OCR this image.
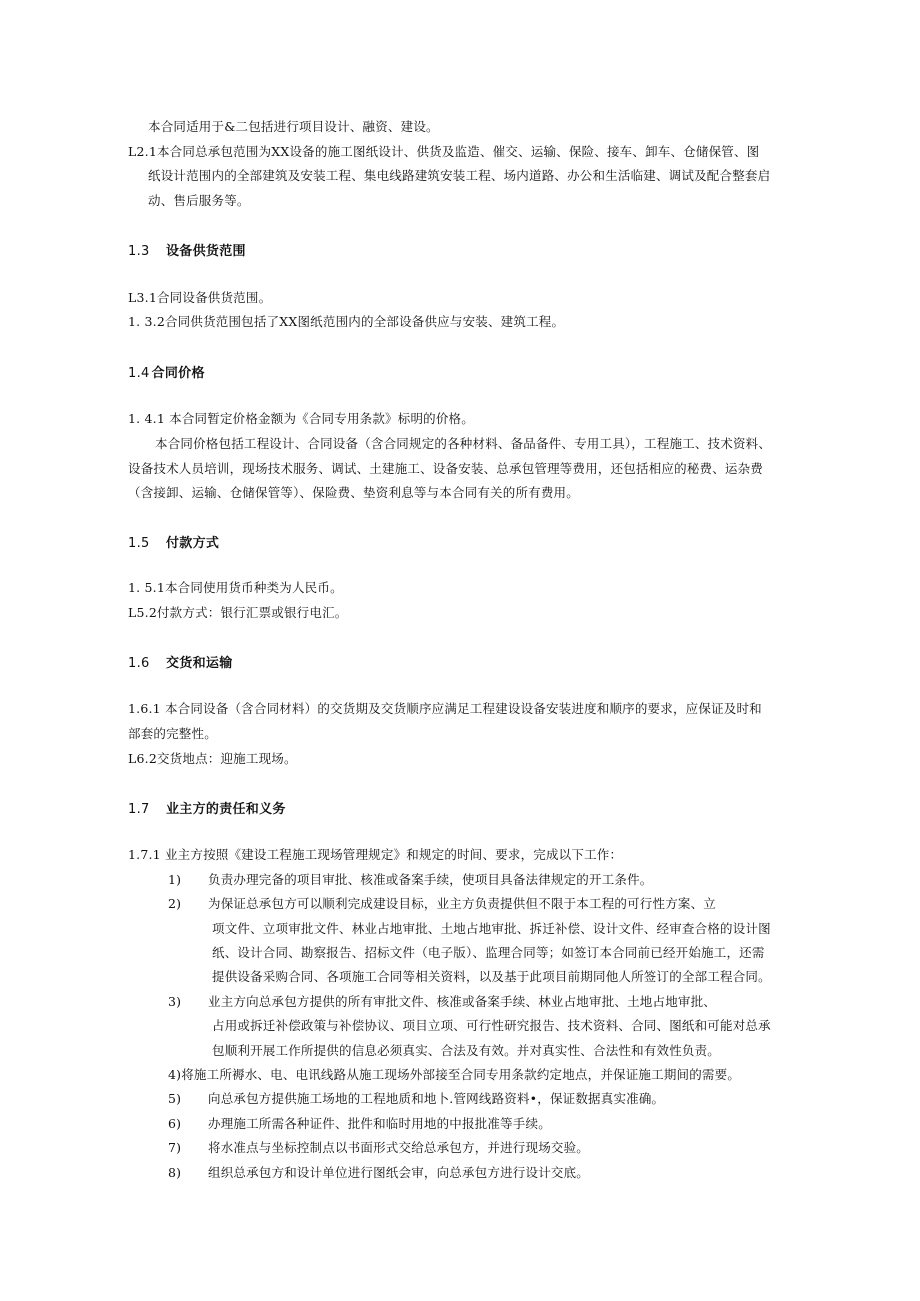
本合同适用于&二包括进行项目设计、融资、建设。
L2.1本合同总承包范围为XX设备的施工图纸设计、供货及监造、催交、运输、保险、接车、卸车、仓储保管、图
纸设计范围内的全部建筑及安装工程、集电线路建筑安装工程、场内道路、办公和生活临建、调试及配合整套启
动、售后服务等。
1.3 设备供货范围
L3.1合同设备供货范围。
1. 3.2合同供货范围包括了XX图纸范围内的全部设备供应与安装、建筑工程。
1.4 合同价格
1. 4.1 本合同暂定价格金额为《合同专用条款》标明的价格。
本合同价格包括工程设计、合同设备（含合同规定的各种材料、备品备件、专用工具），工程施工、技术资料、
设备技术人员培训，现场技术服务、调试、土建施工、设备安装、总承包管理等费用，还包括相应的秘费、运杂费
（含接卸、运输、仓储保管等）、保险费、垫资利息等与本合同有关的所有费用。
1.5 付款方式
1. 5.1本合同使用货币种类为人民币。
L5.2付款方式：银行汇票或银行电汇。
1.6 交货和运输
1.6.1 本合同设备（含合同材料）的交货期及交货顺序应满足工程建设设备安装进度和顺序的要求，应保证及时和
部套的完整性。
L6.2交货地点：迎施工现场。
1.7 业主方的责任和义务
1.7.1 业主方按照《建设工程施工现场管理规定》和规定的时间、要求，完成以下工作：
1) 负责办理完备的项目审批、核准或备案手续，使项目具备法律规定的开工条件。
2) 为保证总承包方可以顺利完成建设目标，业主方负责提供但不限于本工程的可行性方案、立
项文件、立项审批文件、林业占地审批、土地占地审批、拆迁补偿、设计文件、经审查合格的设计图
纸、设计合同、勘察报告、招标文件（电子版）、监理合同等；如签订本合同前已经开始施工，还需
提供设备采购合同、各项施工合同等相关资料，以及基于此项目前期同他人所签订的全部工程合同。
3) 业主方向总承包方提供的所有审批文件、核准或备案手续、林业占地审批、土地占地审批、
占用或拆迁补偿政策与补偿协议、项目立项、可行性研究报告、技术资料、合同、图纸和可能对总承
包顺利开展工作所提供的信息必须真实、合法及有效。并对真实性、合法性和有效性负责。
4)将施工所褥水、电、电讯线路从施工现场外部接至合同专用条款约定地点，并保证施工期间的需要。
5) 向总承包方提供施工场地的工程地质和地卜.管网线路资料•，保证数据真实准确。
6) 办理施工所需各种证件、批件和临时用地的中报批准等手续。
7) 将水准点与坐标控制点以书面形式交给总承包方，并进行现场交验。
8) 组织总承包方和设计单位进行图纸会审，向总承包方进行设计交底。
